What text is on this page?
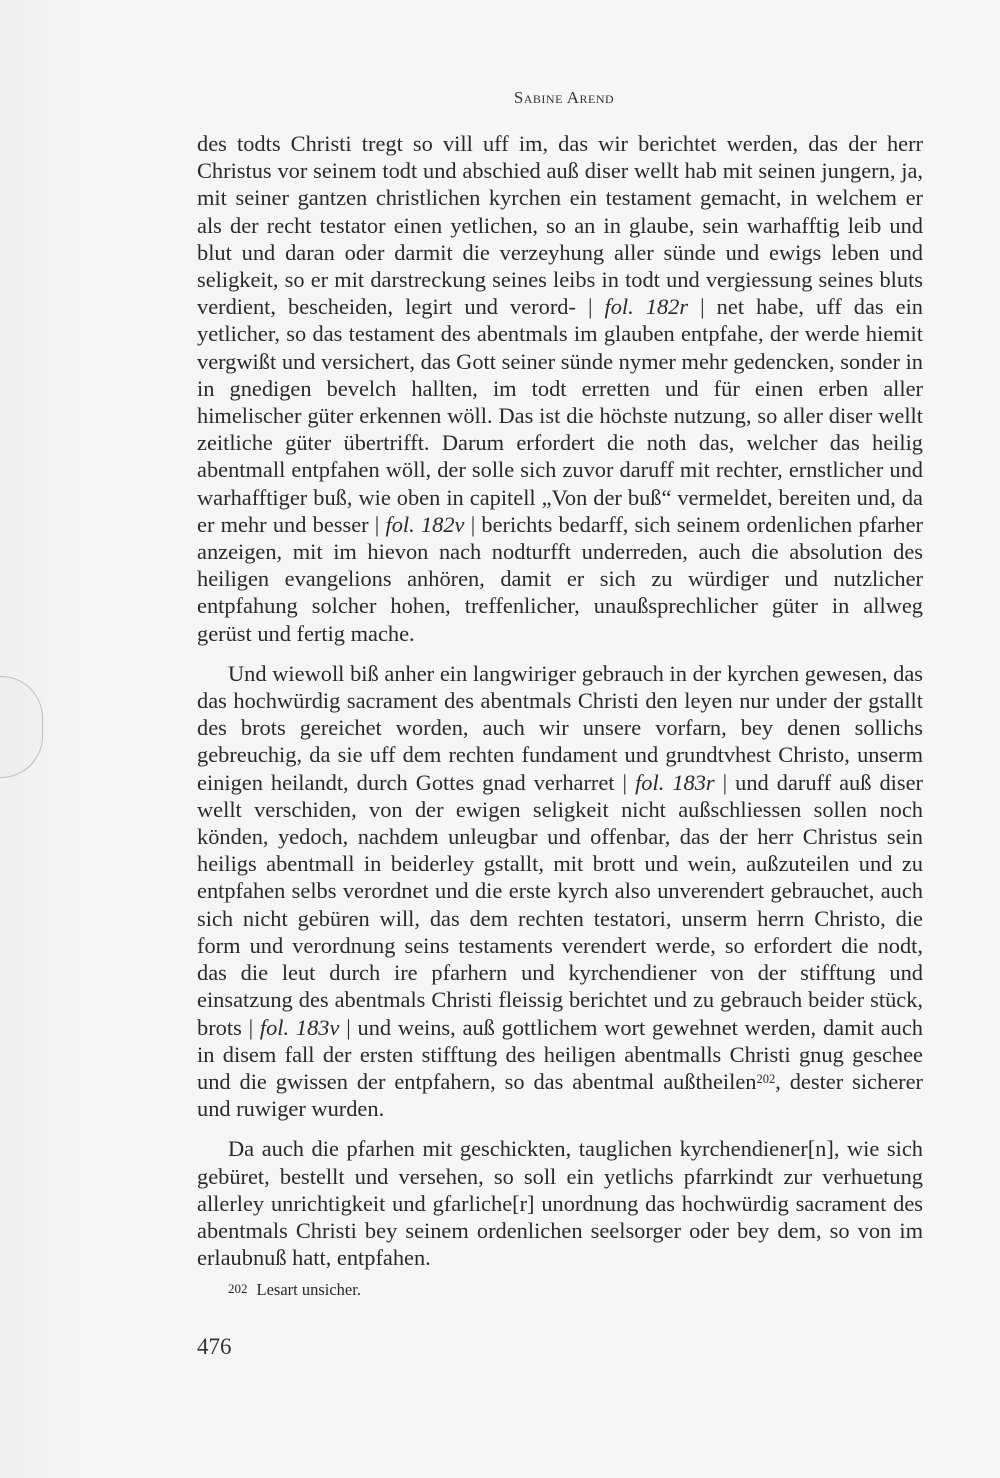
Sabine Arend

des todts Christi tregt so vill uff im, das wir berichtet werden, das der herr Christus vor seinem todt und abschied auß diser wellt hab mit seinen jungern, ja, mit seiner gantzen christlichen kyrchen ein testament gemacht, in welchem er als der recht testator einen yetlichen, so an in glaube, sein warhafftig leib und blut und daran oder darmit die verzeyhung aller sünde und ewigs leben und seligkeit, so er mit darstreckung seines leibs in todt und vergiessung seines bluts verdient, bescheiden, legirt und verord- | fol. 182r | net habe, uff das ein yetlicher, so das testament des abentmals im glauben entpfahe, der werde hiemit vergwißt und versichert, das Gott seiner sünde nymer mehr gedencken, sonder in in gnedigen bevelch hallten, im todt erretten und für einen erben aller himelischer güter erkennen wöll. Das ist die höchste nutzung, so aller diser wellt zeitliche güter übertrifft. Darum erfordert die noth das, welcher das heilig abentmall entpfahen wöll, der solle sich zuvor daruff mit rechter, ernstlicher und warhafftiger buß, wie oben in capitell „Von der buß“ vermeldet, bereiten und, da er mehr und besser | fol. 182v | berichts bedarff, sich seinem ordenlichen pfarher anzeigen, mit im hievon nach nodturfft underreden, auch die absolution des heiligen evangelions anhören, damit er sich zu würdiger und nutzlicher entpfahung solcher hohen, treffenlicher, unaußsprechlicher güter in allweg gerüst und fertig mache.

Und wiewoll biß anher ein langwiriger gebrauch in der kyrchen gewesen, das das hochwürdig sacrament des abentmals Christi den leyen nur under der gstallt des brots gereichet worden, auch wir unsere vorfarn, bey denen sollichs gebreuchig, da sie uff dem rechten fundament und grundtvhest Christo, unserm einigen heilandt, durch Gottes gnad verharret | fol. 183r | und daruff auß diser wellt verschiden, von der ewigen seligkeit nicht außschliessen sollen noch könden, yedoch, nachdem unleugbar und offenbar, das der herr Christus sein heiligs abentmall in beiderley gstallt, mit brott und wein, außzuteilen und zu entpfahen selbs verordnet und die erste kyrch also unverendert gebrauchet, auch sich nicht gebüren will, das dem rechten testatori, unserm herrn Christo, die form und verordnung seins testaments verendert werde, so erfordert die nodt, das die leut durch ire pfarhern und kyrchendiener von der stifftung und einsatzung des abentmals Christi fleissig berichtet und zu gebrauch beider stück, brots | fol. 183v | und weins, auß gottlichem wort gewehnet werden, damit auch in disem fall der ersten stifftung des heiligen abentmalls Christi gnug geschee und die gwissen der entpfahern, so das abentmal außtheilen$^{202}$, dester sicherer und ruwiger wurden.

Da auch die pfarhen mit geschickten, tauglichen kyrchendiener[n], wie sich gebüret, bestellt und versehen, so soll ein yetlichs pfarrkindt zur verhuetung allerley unrichtigkeit und gfarliche[r] unordnung das hochwürdig sacrament des abentmals Christi bey seinem ordenlichen seelsorger oder bey dem, so von im erlaubnuß hatt, entpfahen.

202 Lesart unsicher.
476
